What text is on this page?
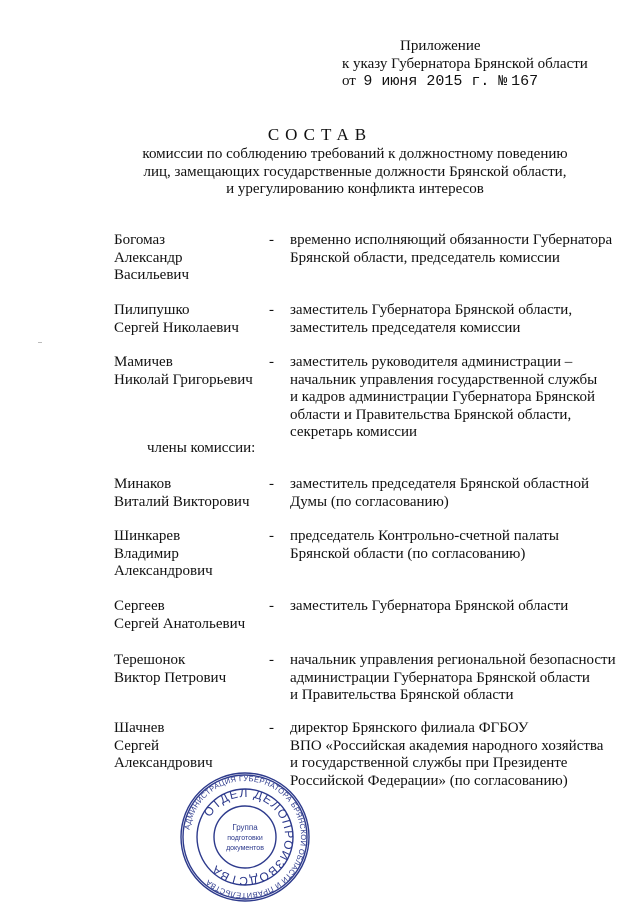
Приложение
к указу Губернатора Брянской области
от 9 июня 2015 г. № 167
СОСТАВ
комиссии по соблюдению требований к должностному поведению
лиц, замещающих государственные должности Брянской области,
и урегулированию конфликта интересов
Богомаз
Александр
Васильевич
- временно исполняющий обязанности Губернатора
Брянской области, председатель комиссии
Пилипушко
Сергей Николаевич
- заместитель Губернатора Брянской области,
заместитель председателя комиссии
Мамичев
Николай Григорьевич
- заместитель руководителя администрации –
начальник управления государственной службы
и кадров администрации Губернатора Брянской
области и Правительства Брянской области,
секретарь комиссии
члены комиссии:
Минаков
Виталий Викторович
- заместитель председателя Брянской областной
Думы (по согласованию)
Шинкарев
Владимир
Александрович
- председатель Контрольно-счетной палаты
Брянской области (по согласованию)
Сергеев
Сергей Анатольевич
- заместитель Губернатора Брянской области
Терешонок
Виктор Петрович
- начальник управления региональной безопасности
администрации Губернатора Брянской области
и Правительства Брянской области
Шачнев
Сергей
Александрович
- директор Брянского филиала ФГБОУ
ВПО «Российская академия народного хозяйства
и государственной службы при Президенте
Российской Федерации» (по согласованию)
АДМИНИСТРАЦИЯ ГУБЕРНАТОРА БРЯНСКОЙ ОБЛАСТИ И ПРАВИТЕЛЬСТВА
ОТДЕЛ ДЕЛОПРОИЗВОДСТВА
Группа
подготовки
документов
